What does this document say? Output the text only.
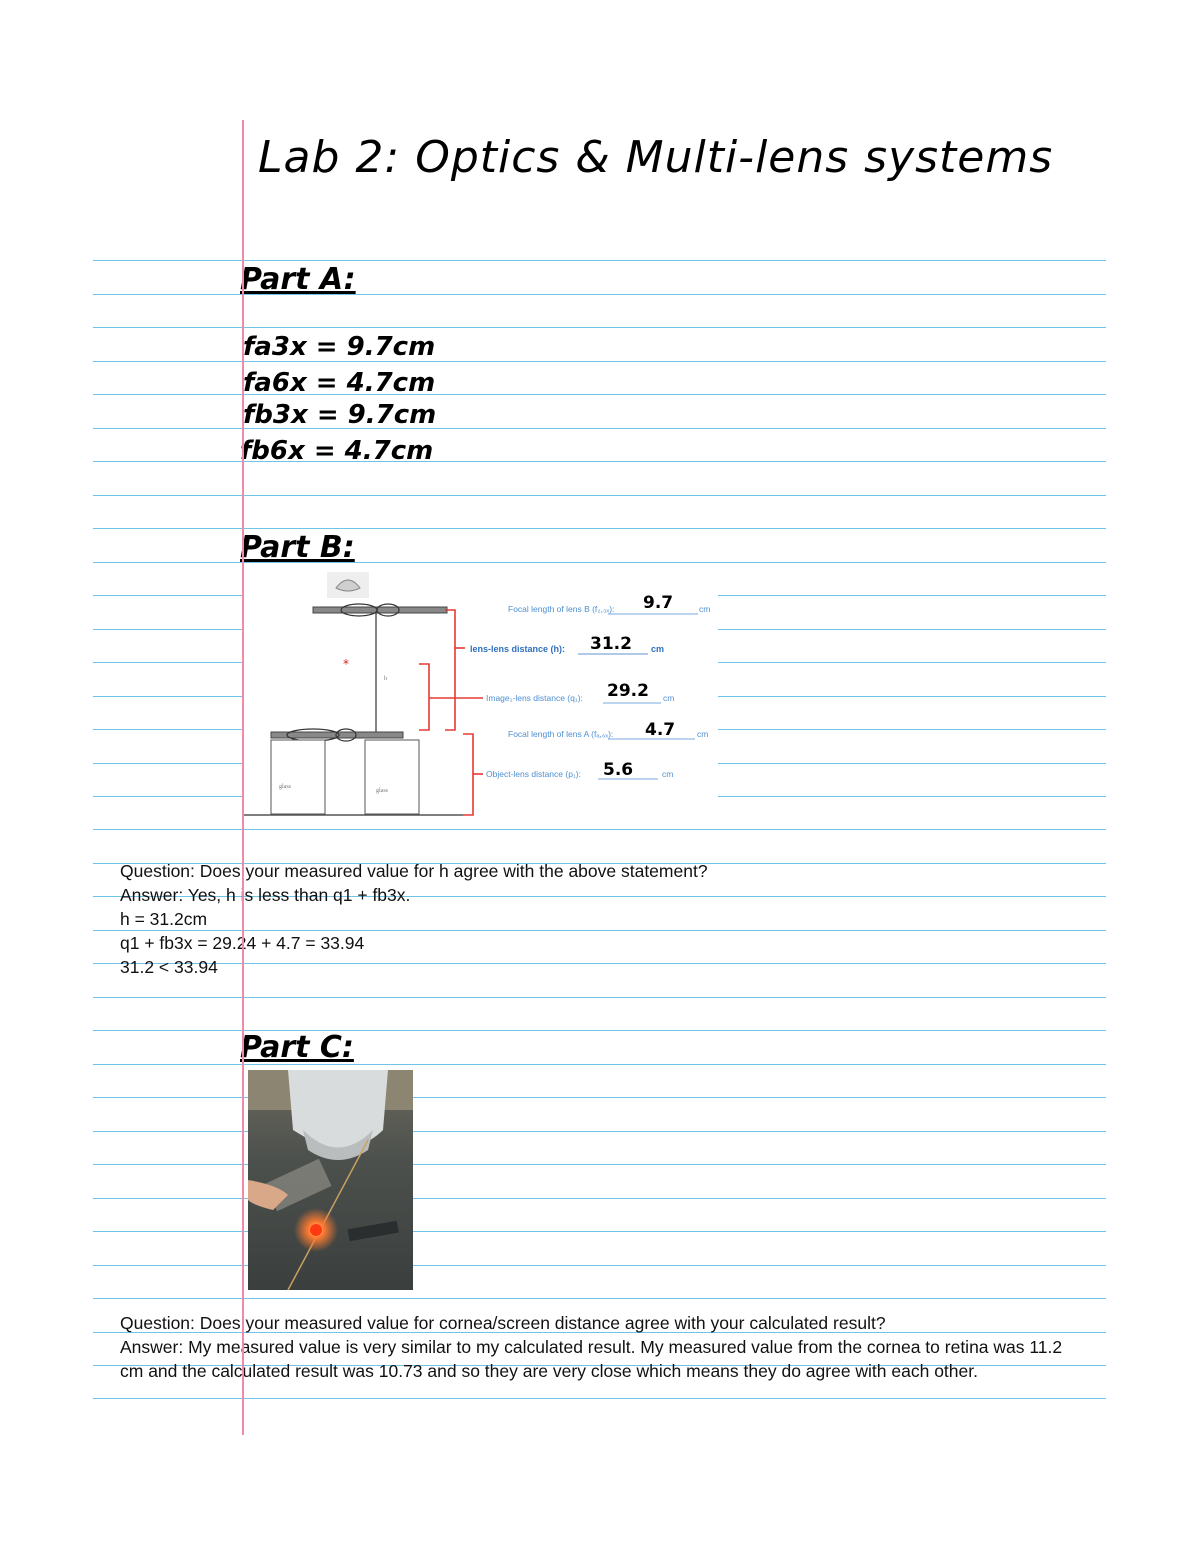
Lab 2: Optics & Multi-lens systems
Part A:
fa3x = 9.7cm
fa6x = 4.7cm
fb3x = 9.7cm
fb6x = 4.7cm
Part B:
h
*
glass
glass
Focal length of lens B (f₂,₃ₓ): 9.7	cm
lens-lens distance (h): 31.2 cm
Image₁-lens distance (q₁): 29.2 cm
Focal length of lens A (fₐ,₆ₓ): 4.7	cm
Object-lens distance (p₁): 5.6	cm
Question: Does your measured value for h agree with the above statement?
Answer: Yes, h is less than q1 + fb3x.
h = 31.2cm
q1 + fb3x = 29.24 + 4.7 = 33.94
31.2 < 33.94
Part C:
Question: Does your measured value for cornea/screen distance agree with your calculated result?
Answer: My measured value is very similar to my calculated result. My measured value from the cornea to retina was 11.2 cm and the calculated result was 10.73 and so they are very close which means they do agree with each other.
